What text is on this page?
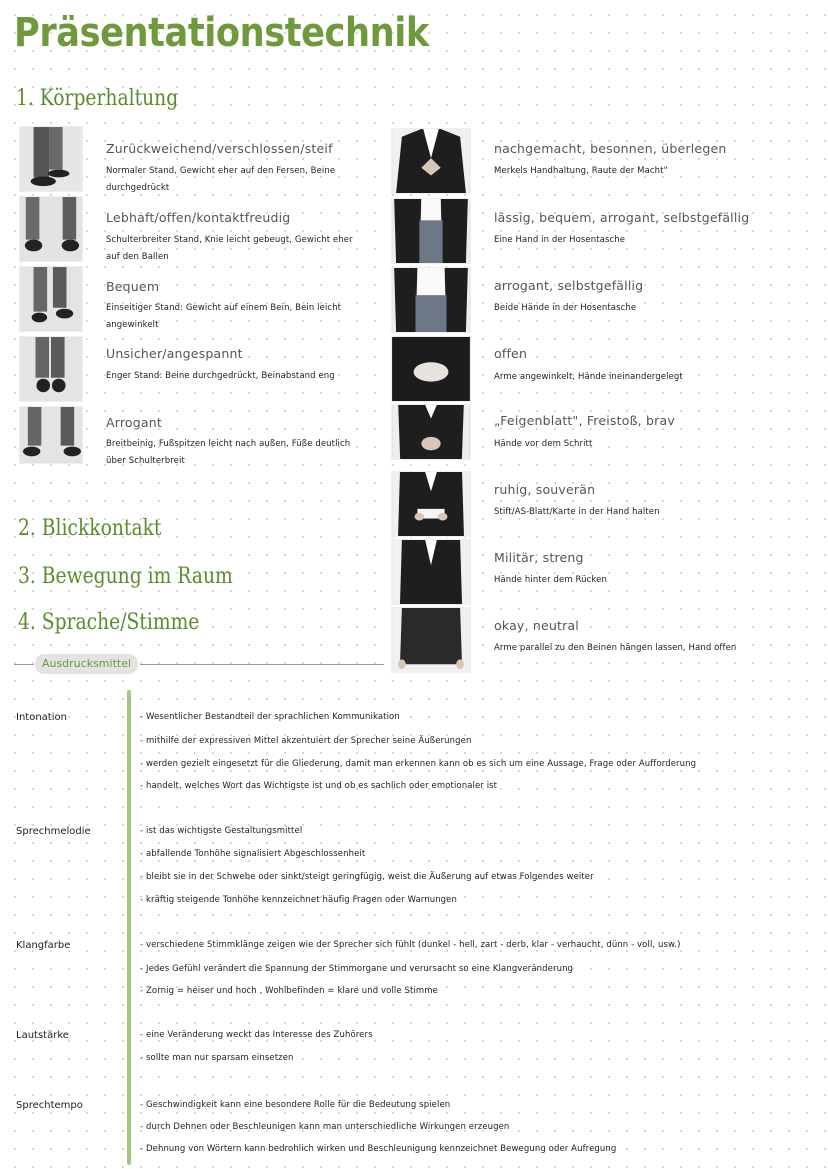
Präsentationstechnik
1. Körperhaltung
2. Blickkontakt
3. Bewegung im Raum
4. Sprache/Stimme
Zurückweichend/verschlossen/steif
Normaler Stand, Gewicht eher auf den Fersen, Beine durchgedrückt
Lebhaft/offen/kontaktfreudig
Schulterbreiter Stand, Knie leicht gebeugt, Gewicht eher auf den Ballen
Bequem
Einseitiger Stand: Gewicht auf einem Bein, Bein leicht angewinkelt
Unsicher/angespannt
Enger Stand: Beine durchgedrückt, Beinabstand eng
Arrogant
Breitbeinig, Fußspitzen leicht nach außen, Füße deutlich über Schulterbreit
nachgemacht, besonnen, überlegen
Merkels Handhaltung, Raute der Macht"
lässig, bequem, arrogant, selbstgefällig
Eine Hand in der Hosentasche
arrogant, selbstgefällig
Beide Hände in der Hosentasche
offen
Arme angewinkelt, Hände ineinandergelegt
„Feigenblatt", Freistoß, brav
Hände vor dem Schritt
ruhig, souverän
Stift/AS-Blatt/Karte in der Hand halten
Militär, streng
Hände hinter dem Rücken
okay, neutral
Arme parallel zu den Beinen hängen lassen, Hand offen
Ausdrucksmittel
Intonation	- Wesentlicher Bestandteil der sprachlichen Kommunikation
- mithilfe der expressiven Mittel akzentuiert der Sprecher seine Äußerungen
- werden gezielt eingesetzt für die Gliederung, damit man erkennen kann ob es sich um eine Aussage, Frage oder Aufforderung
- handelt, welches Wort das Wichtigste ist und ob es sachlich oder emotionaler ist
Sprechmelodie	- ist das wichtigste Gestaltungsmittel
- abfallende Tonhöhe signalisiert Abgeschlossenheit
- bleibt sie in der Schwebe oder sinkt/steigt geringfügig, weist die Äußerung auf etwas Folgendes weiter
- kräftig steigende Tonhöhe kennzeichnet häufig Fragen oder Warnungen
Klangfarbe	- verschiedene Stimmklänge zeigen wie der Sprecher sich fühlt (dunkel - hell, zart - derb, klar - verhaucht, dünn - voll, usw.)
- Jedes Gefühl verändert die Spannung der Stimmorgane und verursacht so eine Klangveränderung
- Zornig = heiser und hoch , Wohlbefinden = klare und volle Stimme
Lautstärke	- eine Veränderung weckt das Interesse des Zuhörers
- sollte man nur sparsam einsetzen
Sprechtempo	- Geschwindigkeit kann eine besondere Rolle für die Bedeutung spielen
- durch Dehnen oder Beschleunigen kann man unterschiedliche Wirkungen erzeugen
- Dehnung von Wörtern kann bedrohlich wirken und Beschleunigung kennzeichnet Bewegung oder Aufregung
